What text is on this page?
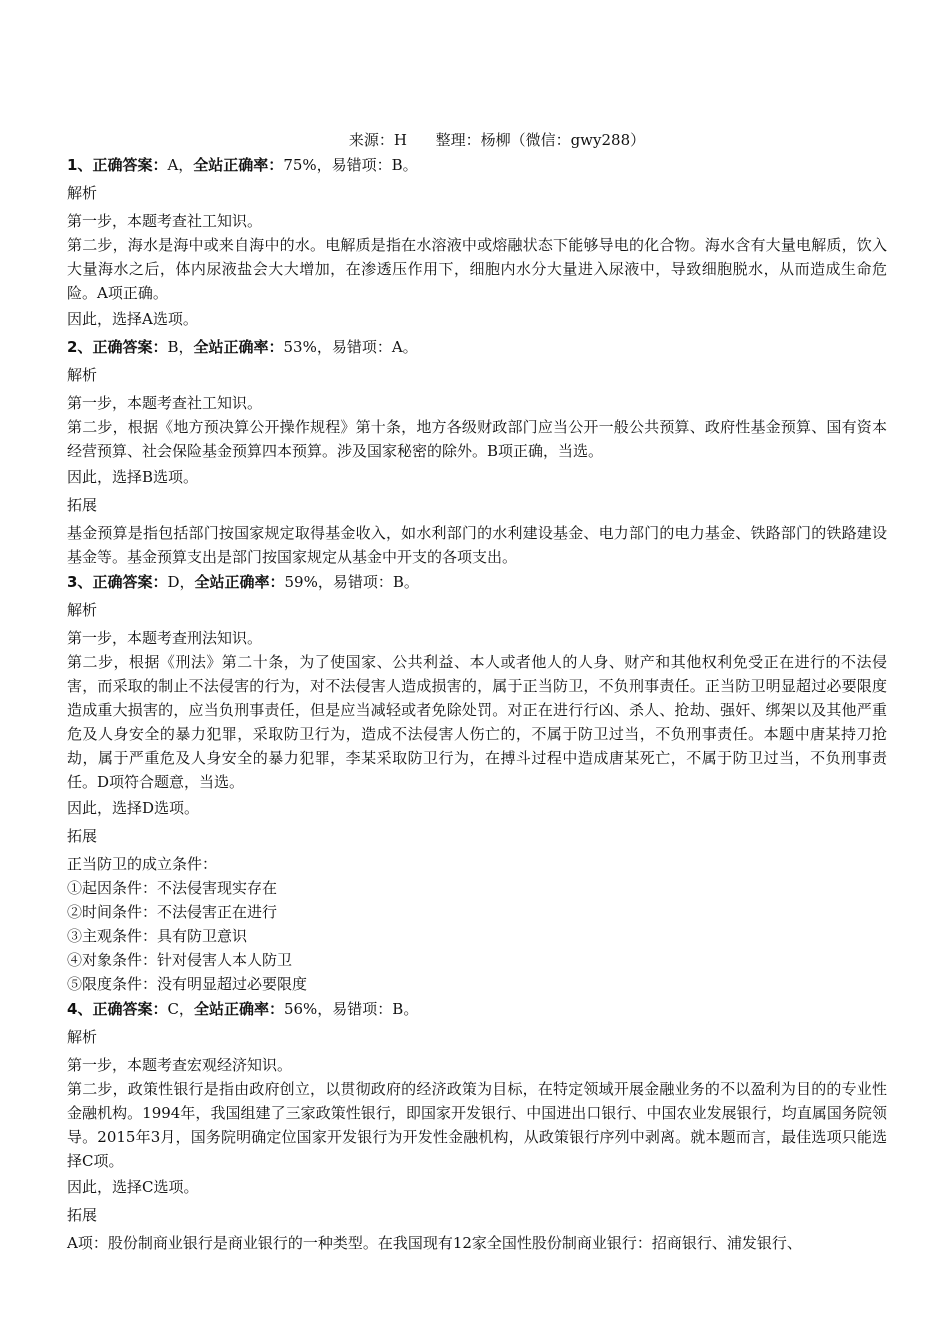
来源：H      整理：杨柳（微信：gwy288）
1、正确答案：A，全站正确率：75%，易错项：B。
解析
第一步，本题考查社工知识。
第二步，海水是海中或来自海中的水。电解质是指在水溶液中或熔融状态下能够导电的化合物。海水含有大量电解质，饮入大量海水之后，体内尿液盐会大大增加，在渗透压作用下，细胞内水分大量进入尿液中，导致细胞脱水，从而造成生命危险。A项正确。
因此，选择A选项。
2、正确答案：B，全站正确率：53%，易错项：A。
解析
第一步，本题考查社工知识。
第二步，根据《地方预决算公开操作规程》第十条，地方各级财政部门应当公开一般公共预算、政府性基金预算、国有资本经营预算、社会保险基金预算四本预算。涉及国家秘密的除外。B项正确，当选。
因此，选择B选项。
拓展
基金预算是指包括部门按国家规定取得基金收入，如水利部门的水利建设基金、电力部门的电力基金、铁路部门的铁路建设基金等。基金预算支出是部门按国家规定从基金中开支的各项支出。
3、正确答案：D，全站正确率：59%，易错项：B。
解析
第一步，本题考查刑法知识。
第二步，根据《刑法》第二十条，为了使国家、公共利益、本人或者他人的人身、财产和其他权利免受正在进行的不法侵害，而采取的制止不法侵害的行为，对不法侵害人造成损害的，属于正当防卫，不负刑事责任。正当防卫明显超过必要限度造成重大损害的，应当负刑事责任，但是应当减轻或者免除处罚。对正在进行行凶、杀人、抢劫、强奸、绑架以及其他严重危及人身安全的暴力犯罪，采取防卫行为，造成不法侵害人伤亡的，不属于防卫过当，不负刑事责任。本题中唐某持刀抢劫，属于严重危及人身安全的暴力犯罪，李某采取防卫行为，在搏斗过程中造成唐某死亡，不属于防卫过当，不负刑事责任。D项符合题意，当选。
因此，选择D选项。
拓展
正当防卫的成立条件：
①起因条件：不法侵害现实存在
②时间条件：不法侵害正在进行
③主观条件：具有防卫意识
④对象条件：针对侵害人本人防卫
⑤限度条件：没有明显超过必要限度
4、正确答案：C，全站正确率：56%，易错项：B。
解析
第一步，本题考查宏观经济知识。
第二步，政策性银行是指由政府创立，以贯彻政府的经济政策为目标，在特定领域开展金融业务的不以盈利为目的的专业性金融机构。1994年，我国组建了三家政策性银行，即国家开发银行、中国进出口银行、中国农业发展银行，均直属国务院领导。2015年3月，国务院明确定位国家开发银行为开发性金融机构，从政策银行序列中剥离。就本题而言，最佳选项只能选择C项。
因此，选择C选项。
拓展
A项：股份制商业银行是商业银行的一种类型。在我国现有12家全国性股份制商业银行：招商银行、浦发银行、
